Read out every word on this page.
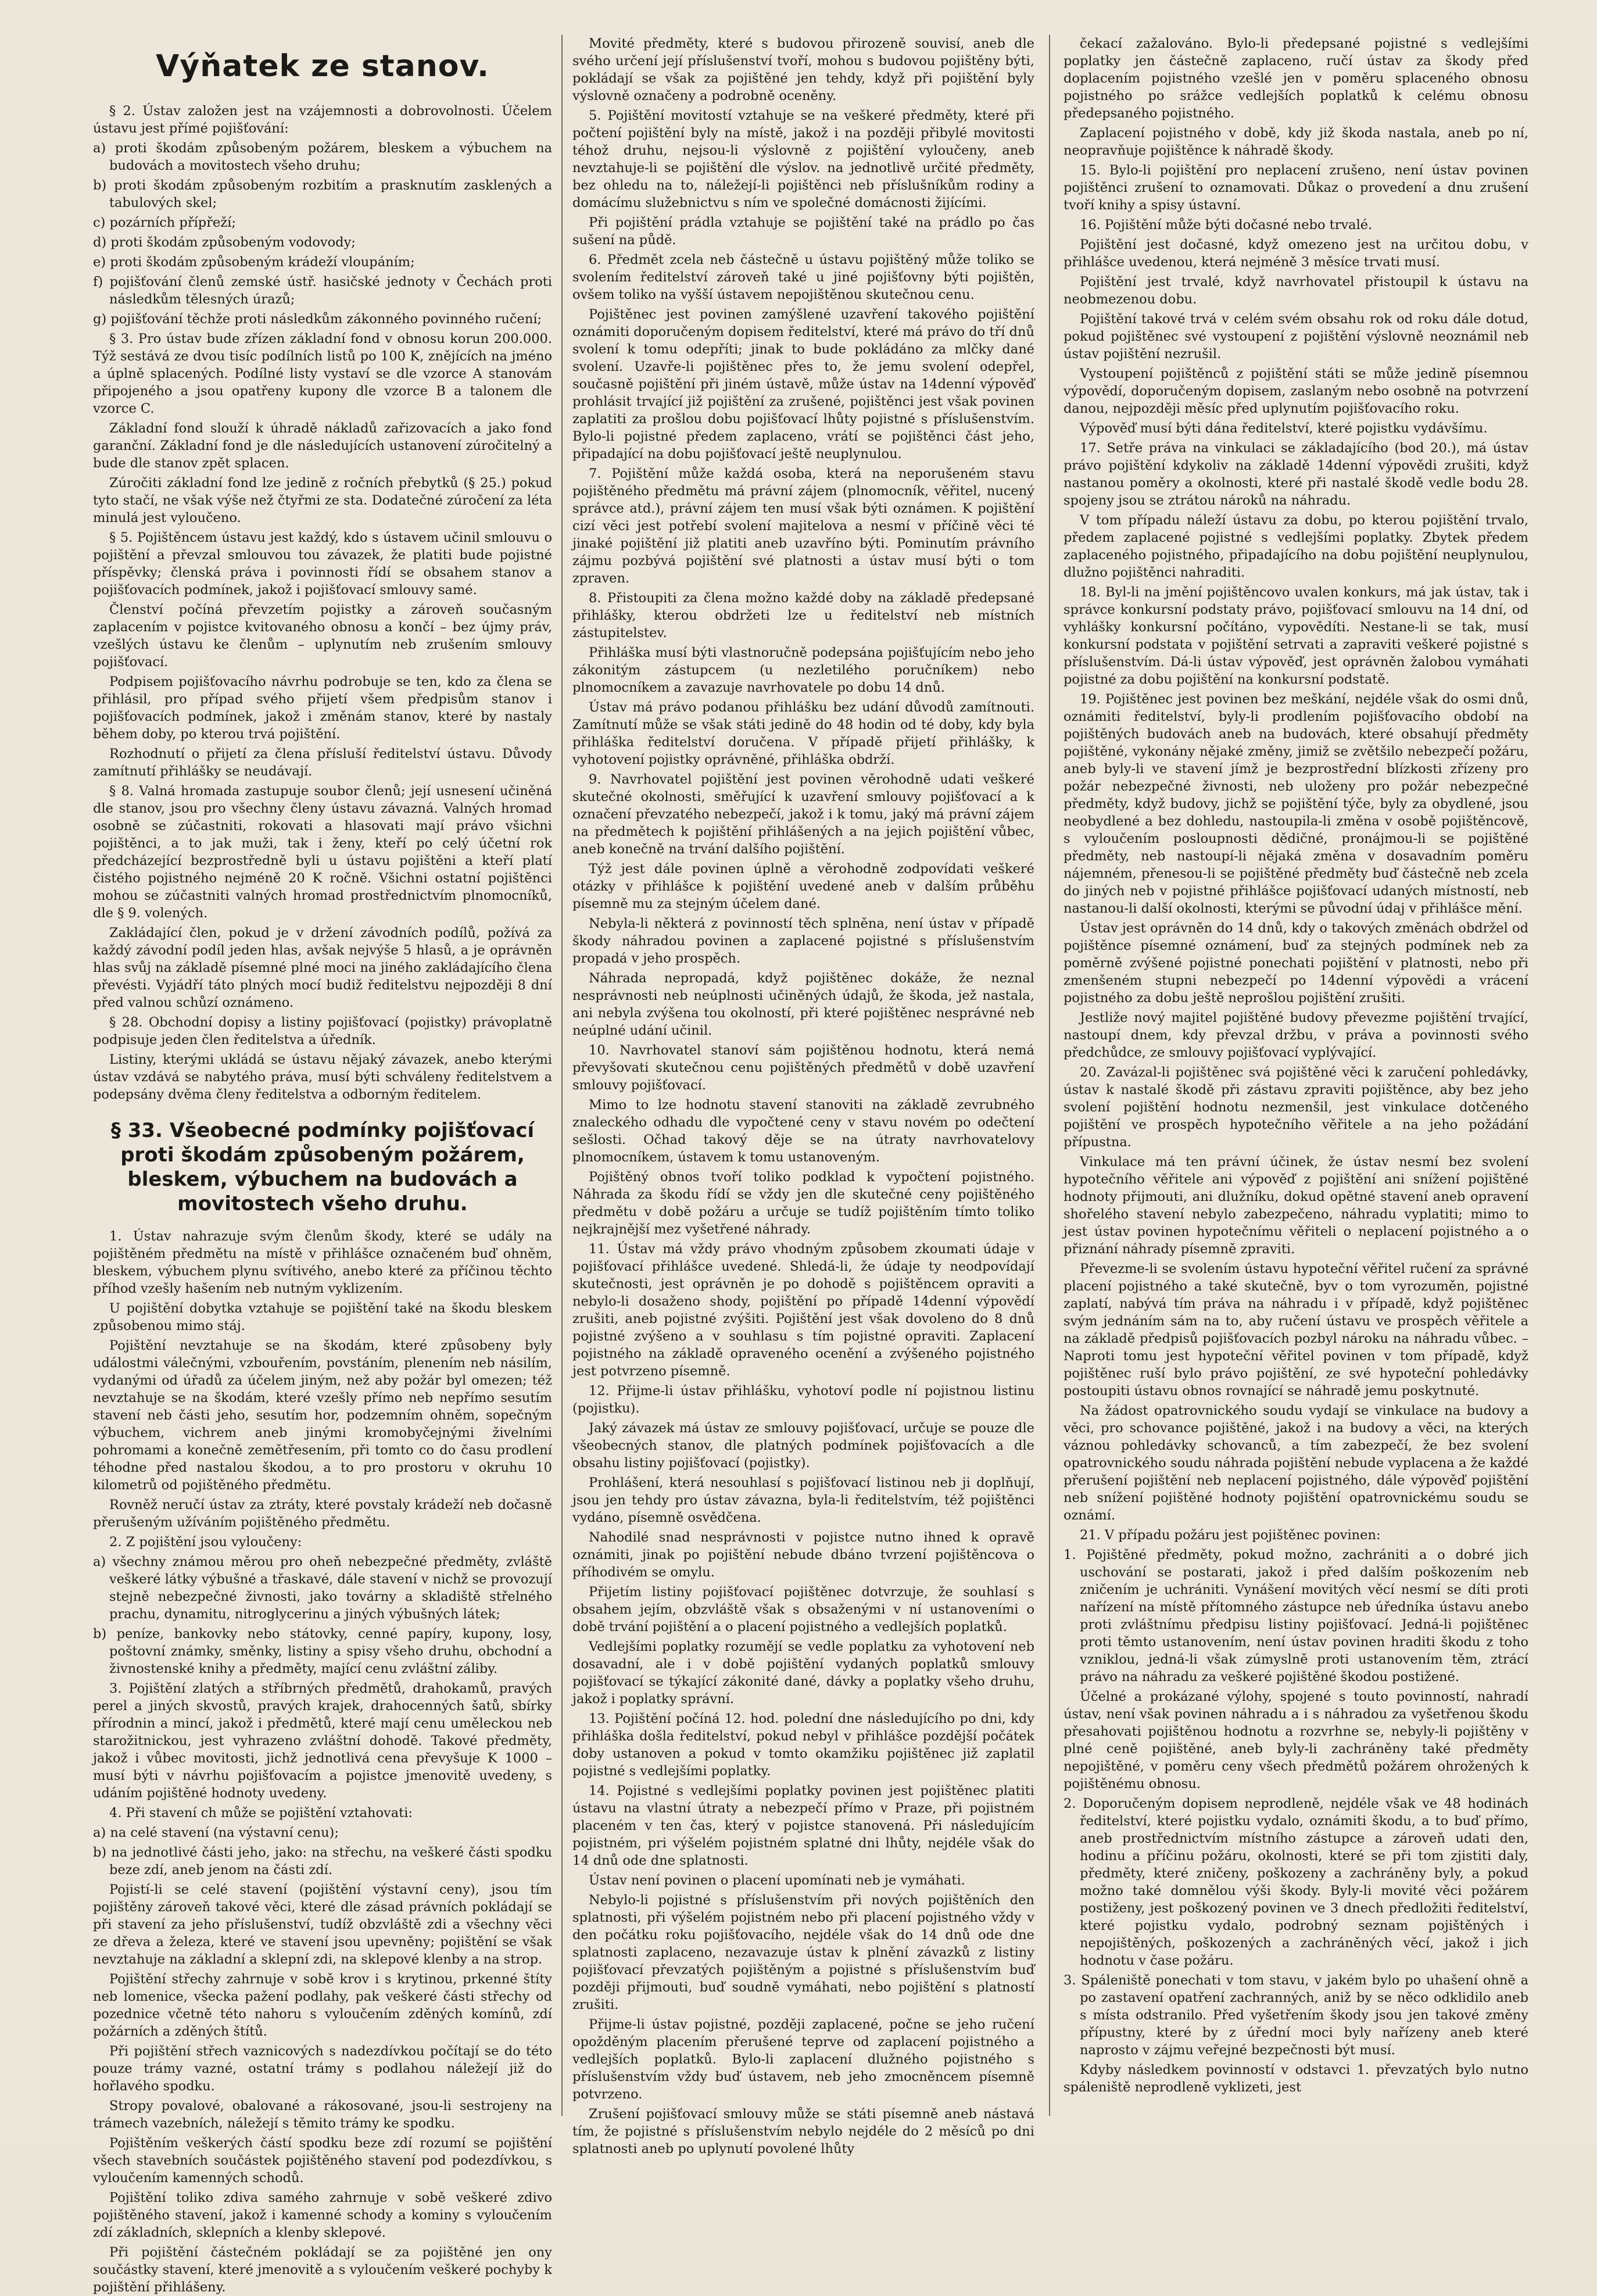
Výňatek ze stanov.

§ 2. Ústav založen jest na vzájemnosti a dobrovolnosti. Účelem ústavu jest přímé pojišťování:

a) proti škodám způsobeným požárem, bleskem a výbuchem na budovách a movitostech všeho druhu;

b) proti škodám způsobeným rozbitím a prasknutím zasklených a tabulových skel;

c) pozárních přípřeží;

d) proti škodám způsobeným vodovody;

e) proti škodám způsobeným krádeží vloupáním;

f) pojišťování členů zemské ústř. hasičské jednoty v Čechách proti následkům tělesných úrazů;

g) pojišťování těchže proti následkům zákonného povinného ručení;

§ 3. Pro ústav bude zřízen základní fond v obnosu korun 200.000. Týž sestává ze dvou tisíc podílních listů po 100 K, znějících na jméno a úplně splacených. Podílné listy vystaví se dle vzorce A stanovám připojeného a jsou opatřeny kupony dle vzorce B a talonem dle vzorce C.

Základní fond slouží k úhradě nákladů zařizovacích a jako fond garanční. Základní fond je dle následujících ustanovení zúročitelný a bude dle stanov zpět splacen.

Zúročiti základní fond lze jedině z ročních přebytků (§ 25.) pokud tyto stačí, ne však výše než čtyřmi ze sta. Dodatečné zúročení za léta minulá jest vyloučeno.

§ 5. Pojištěncem ústavu jest každý, kdo s ústavem učinil smlouvu o pojištění a převzal smlouvou tou závazek, že platiti bude pojistné příspěvky; členská práva i povinnosti řídí se obsahem stanov a pojišťovacích podmínek, jakož i pojišťovací smlouvy samé.

Členství počíná převzetím pojistky a zároveň současným zaplacením v pojistce kvitovaného obnosu a končí – bez újmy práv, vzešlých ústavu ke členům – uplynutím neb zrušením smlouvy pojišťovací.

Podpisem pojišťovacího návrhu podrobuje se ten, kdo za člena se přihlásil, pro případ svého přijetí všem předpisům stanov i pojišťovacích podmínek, jakož i změnám stanov, které by nastaly během doby, po kterou trvá pojištění.

Rozhodnutí o přijetí za člena přísluší ředitelství ústavu. Důvody zamítnutí přihlášky se neudávají.

§ 8. Valná hromada zastupuje soubor členů; její usnesení učiněná dle stanov, jsou pro všechny členy ústavu závazná. Valných hromad osobně se zúčastniti, rokovati a hlasovati mají právo všichni pojištěnci, a to jak muži, tak i ženy, kteří po celý účetní rok předcházející bezprostředně byli u ústavu pojištěni a kteří platí čistého pojistného nejméně 20 K ročně. Všichni ostatní pojištěnci mohou se zúčastniti valných hromad prostřednictvím plnomocníků, dle § 9. volených.

Zakládající člen, pokud je v držení závodních podílů, požívá za každý závodní podíl jeden hlas, avšak nejvýše 5 hlasů, a je oprávněn hlas svůj na základě písemné plné moci na jiného zakládajícího člena převésti. Vyjádří táto plných mocí budiž ředitelstvu nejpozději 8 dní před valnou schůzí oznámeno.

§ 28. Obchodní dopisy a listiny pojišťovací (pojistky) právoplatně podpisuje jeden člen ředitelstva a úředník.

Listiny, kterými ukládá se ústavu nějaký závazek, anebo kterými ústav vzdává se nabytého práva, musí býti schváleny ředitelstvem a podepsány dvěma členy ředitelstva a odborným ředitelem.

§ 33. Všeobecné podmínky pojišťovací proti škodám způsobeným požárem, bleskem, výbuchem na budovách a movitostech všeho druhu.

1. Ústav nahrazuje svým členům škody, které se udály na pojištěném předmětu na místě v přihlášce označeném buď ohněm, bleskem, výbuchem plynu svítivého, anebo které za příčinou těchto příhod vzešly hašením neb nutným vyklizením.

U pojištění dobytka vztahuje se pojištění také na škodu bleskem způsobenou mimo stáj.

Pojištění nevztahuje se na škodám, které způsobeny byly událostmi válečnými, vzbouřením, povstáním, plenením neb násilím, vydanými od úřadů za účelem jiným, než aby požár byl omezen; též nevztahuje se na škodám, které vzešly přímo neb nepřímo sesutím stavení neb části jeho, sesutím hor, podzemním ohněm, sopečným výbuchem, vichrem aneb jinými kromobyčejnými živelními pohromami a konečně zemětřesením, při tomto co do času prodlení téhodne před nastalou škodou, a to pro prostoru v okruhu 10 kilometrů od pojištěného předmětu.

Rovněž neručí ústav za ztráty, které povstaly krádeží neb dočasně přerušeným užíváním pojištěného předmětu.

2. Z pojištění jsou vyloučeny:

a) všechny známou měrou pro oheň nebezpečné předměty, zvláště veškeré látky výbušné a třaskavé, dále stavení v nichž se provozují stejně nebezpečné živnosti, jako továrny a skladiště střelného prachu, dynamitu, nitroglycerinu a jiných výbušných látek;

b) peníze, bankovky nebo státovky, cenné papíry, kupony, losy, poštovní známky, směnky, listiny a spisy všeho druhu, obchodní a živnostenské knihy a předměty, mající cenu zvláštní záliby.

3. Pojištění zlatých a stříbrných předmětů, drahokamů, pravých perel a jiných skvostů, pravých krajek, drahocenných šatů, sbírky přírodnin a mincí, jakož i předmětů, které mají cenu uměleckou neb starožitnickou, jest vyhrazeno zvláštní dohodě. Takové předměty, jakož i vůbec movitosti, jichž jednotlivá cena převyšuje K 1000 – musí býti v návrhu pojišťovacím a pojistce jmenovitě uvedeny, s udáním pojištěné hodnoty uvedeny.

4. Při stavení ch může se pojištění vztahovati:

a) na celé stavení (na výstavní cenu);

b) na jednotlivé části jeho, jako: na střechu, na veškeré části spodku beze zdí, aneb jenom na části zdí.

Pojistí-li se celé stavení (pojištění výstavní ceny), jsou tím pojištěny zároveň takové věci, které dle zásad právních pokládají se při stavení za jeho příslušenství, tudíž obzvláště zdi a všechny věci ze dřeva a železa, které ve stavení jsou upevněny; pojištění se však nevztahuje na základní a sklepní zdi, na sklepové klenby a na strop.

Pojištění střechy zahrnuje v sobě krov i s krytinou, prkenné štíty neb lomenice, všecka pažení podlahy, pak veškeré části střechy od pozednice včetně této nahoru s vyloučením zděných komínů, zdí požárních a zděných štítů.

Při pojištění střech vaznicových s nadezdívkou počítají se do této pouze trámy vazné, ostatní trámy s podlahou náležejí již do hořlavého spodku.

Stropy povalové, obalované a rákosované, jsou-li sestrojeny na trámech vazebních, náležejí s těmito trámy ke spodku.

Pojištěním veškerých částí spodku beze zdí rozumí se pojištění všech stavebních součástek pojištěného stavení pod podezdívkou, s vyloučením kamenných schodů.

Pojištění toliko zdiva samého zahrnuje v sobě veškeré zdivo pojištěného stavení, jakož i kamenné schody a kominy s vyloučením zdí základních, sklepních a klenby sklepové.

Při pojištění částečném pokládají se za pojištěné jen ony součástky stavení, které jmenovitě a s vyloučením veškeré pochyby k pojištění přihlášeny.

Movité předměty, které s budovou přirozeně souvisí, aneb dle svého určení její příslušenství tvoří, mohou s budovou pojištěny býti, pokládají se však za pojištěné jen tehdy, když při pojištění byly výslovně označeny a podrobně oceněny.

5. Pojištění movitostí vztahuje se na veškeré předměty, které při počtení pojištění byly na místě, jakož i na později přibylé movitosti téhož druhu, nejsou-li výslovně z pojištění vyloučeny, aneb nevztahuje-li se pojištění dle výslov. na jednotlivě určité předměty, bez ohledu na to, náležejí-li pojištěnci neb příslušníkům rodiny a domácímu služebnictvu s ním ve společné domácnosti žijícími.

Při pojištění prádla vztahuje se pojištění také na prádlo po čas sušení na půdě.

6. Předmět zcela neb částečně u ústavu pojištěný může toliko se svolením ředitelství zároveň také u jiné pojišťovny býti pojištěn, ovšem toliko na vyšší ústavem nepojištěnou skutečnou cenu.

Pojištěnec jest povinen zamýšlené uzavření takového pojištění oznámiti doporučeným dopisem ředitelství, které má právo do tří dnů svolení k tomu odepříti; jinak to bude pokládáno za mlčky dané svolení. Uzavře-li pojištěnec přes to, že jemu svolení odepřel, současně pojištění při jiném ústavě, může ústav na 14denní výpověď prohlásit trvající již pojištění za zrušené, pojištěnci jest však povinen zaplatiti za prošlou dobu pojišťovací lhůty pojistné s příslušenstvím. Bylo-li pojistné předem zaplaceno, vrátí se pojištěnci část jeho, připadající na dobu pojišťovací ještě neuplynulou.

7. Pojištění může každá osoba, která na neporušeném stavu pojištěného předmětu má právní zájem (plnomocník, věřitel, nucený správce atd.), právní zájem ten musí však býti oznámen. K pojištění cizí věci jest potřebí svolení majitelova a nesmí v příčině věci té jinaké pojištění již platiti aneb uzavříno býti. Pominutím právního zájmu pozbývá pojištění své platnosti a ústav musí býti o tom zpraven.

8. Přistoupiti za člena možno každé doby na základě předepsané přihlášky, kterou obdržeti lze u ředitelství neb místních zástupitelstev.

Přihláška musí býti vlastnoručně podepsána pojišťujícím nebo jeho zákonitým zástupcem (u nezletilého poručníkem) nebo plnomocníkem a zavazuje navrhovatele po dobu 14 dnů.

Ústav má právo podanou přihlášku bez udání důvodů zamítnouti. Zamítnutí může se však státi jedině do 48 hodin od té doby, kdy byla přihláška ředitelství doručena. V případě přijetí přihlášky, k vyhotovení pojistky oprávněné, přihláška obdrží.

9. Navrhovatel pojištění jest povinen věrohodně udati veškeré skutečné okolnosti, směřující k uzavření smlouvy pojišťovací a k označení převzatého nebezpečí, jakož i k tomu, jaký má právní zájem na předmětech k pojištění přihlášených a na jejich pojištění vůbec, aneb konečně na trvání dalšího pojištění.

Týž jest dále povinen úplně a věrohodně zodpovídati veškeré otázky v přihlášce k pojištění uvedené aneb v dalším průběhu písemně mu za stejným účelem dané.

Nebyla-li některá z povinností těch splněna, není ústav v případě škody náhradou povinen a zaplacené pojistné s příslušenstvím propadá v jeho prospěch.

Náhrada nepropadá, když pojištěnec dokáže, že neznal nesprávnosti neb neúplnosti učiněných údajů, že škoda, jež nastala, ani nebyla zvýšena tou okolností, při které pojištěnec nesprávné neb neúplné udání učinil.

10. Navrhovatel stanoví sám pojištěnou hodnotu, která nemá převyšovati skutečnou cenu pojištěných předmětů v době uzavření smlouvy pojišťovací.

Mimo to lze hodnotu stavení stanoviti na základě zevrubného znaleckého odhadu dle vypočtené ceny v stavu novém po odečtení sešlosti. Očhad takový děje se na útraty navrhovatelovy plnomocníkem, ústavem k tomu ustanoveným.

Pojištěný obnos tvoří toliko podklad k vypočtení pojistného. Náhrada za škodu řídí se vždy jen dle skutečné ceny pojištěného předmětu v době požáru a určuje se tudíž pojištěním tímto toliko nejkrajnější mez vyšetřené náhrady.

11. Ústav má vždy právo vhodným způsobem zkoumati údaje v pojišťovací přihlášce uvedené. Shledá-li, že údaje ty neodpovídají skutečnosti, jest oprávněn je po dohodě s pojištěncem opraviti a nebylo-li dosaženo shody, pojištění po případě 14denní výpovědí zrušiti, aneb pojistné zvýšiti. Pojištění jest však dovoleno do 8 dnů pojistné zvýšeno a v souhlasu s tím pojistné opraviti. Zaplacení pojistného na základě opraveného ocenění a zvýšeného pojistného jest potvrzeno písemně.

12. Přijme-li ústav přihlášku, vyhotoví podle ní pojistnou listinu (pojistku).

Jaký závazek má ústav ze smlouvy pojišťovací, určuje se pouze dle všeobecných stanov, dle platných podmínek pojišťovacích a dle obsahu listiny pojišťovací (pojistky).

Prohlášení, která nesouhlasí s pojišťovací listinou neb ji doplňují, jsou jen tehdy pro ústav závazna, byla-li ředitelstvím, též pojištěnci vydáno, písemně osvědčena.

Nahodilé snad nesprávnosti v pojistce nutno ihned k opravě oznámiti, jinak po pojištění nebude dbáno tvrzení pojištěncova o příhodivém se omylu.

Přijetím listiny pojišťovací pojištěnec dotvrzuje, že souhlasí s obsahem jejím, obzvláště však s obsaženými v ní ustanoveními o době trvání pojištění a o placení pojistného a vedlejších poplatků.

Vedlejšími poplatky rozumějí se vedle poplatku za vyhotovení neb dosavadní, ale i v době pojištění vydaných poplatků smlouvy pojišťovací se týkající zákonité dané, dávky a poplatky všeho druhu, jakož i poplatky správní.

13. Pojištění počíná 12. hod. polední dne následujícího po dni, kdy přihláška došla ředitelství, pokud nebyl v přihlášce pozdější počátek doby ustanoven a pokud v tomto okamžiku pojištěnec již zaplatil pojistné s vedlejšími poplatky.

14. Pojistné s vedlejšími poplatky povinen jest pojištěnec platiti ústavu na vlastní útraty a nebezpečí přímo v Praze, při pojistném placeném v ten čas, který v pojistce stanovená. Při následujícím pojistném, pri výšelém pojistném splatné dni lhůty, nejdéle však do 14 dnů ode dne splatnosti.

Ústav není povinen o placení upomínati neb je vymáhati.

Nebylo-li pojistné s příslušenstvím při nových pojištěních den splatnosti, při výšelém pojistném nebo při placení pojistného vždy v den počátku roku pojišťovacího, nejdéle však do 14 dnů ode dne splatnosti zaplaceno, nezavazuje ústav k plnění závazků z listiny pojišťovací převzatých pojištěným a pojistné s příslušenstvím buď později přijmouti, buď soudně vymáhati, nebo pojištění s platností zrušiti.

Přijme-li ústav pojistné, později zaplacené, počne se jeho ručení opožděným placením přerušené teprve od zaplacení pojistného a vedlejších poplatků. Bylo-li zaplacení dlužného pojistného s příslušenstvím vždy buď ústavem, neb jeho zmocněncem písemně potvrzeno.

Zrušení pojišťovací smlouvy může se státi písemně aneb nástavá tím, že pojistné s příslušenstvím nebylo nejdéle do 2 měsíců po dni splatnosti aneb po uplynutí povolené lhůty

čekací zažalováno. Bylo-li předepsané pojistné s vedlejšími poplatky jen částečně zaplaceno, ručí ústav za škody před doplacením pojistného vzešlé jen v poměru splaceného obnosu pojistného po srážce vedlejších poplatků k celému obnosu předepsaného pojistného.

Zaplacení pojistného v době, kdy již škoda nastala, aneb po ní, neopravňuje pojištěnce k náhradě škody.

15. Bylo-li pojištění pro neplacení zrušeno, není ústav povinen pojištěnci zrušení to oznamovati. Důkaz o provedení a dnu zrušení tvoří knihy a spisy ústavní.

16. Pojištění může býti dočasné nebo trvalé.

Pojištění jest dočasné, když omezeno jest na určitou dobu, v přihlášce uvedenou, která nejméně 3 měsíce trvati musí.

Pojištění jest trvalé, když navrhovatel přistoupil k ústavu na neobmezenou dobu.

Pojištění takové trvá v celém svém obsahu rok od roku dále dotud, pokud pojištěnec své vystoupení z pojištění výslovně neoznámil neb ústav pojištění nezrušil.

Vystoupení pojištěnců z pojištění státi se může jedině písemnou výpovědí, doporučeným dopisem, zaslaným nebo osobně na potvrzení danou, nejpozději měsíc před uplynutím pojišťovacího roku.

Výpověď musí býti dána ředitelství, které pojistku vydávšímu.

17. Setře práva na vinkulaci se základajícího (bod 20.), má ústav právo pojištění kdykoliv na základě 14denní výpovědi zrušiti, když nastanou poměry a okolnosti, které při nastalé škodě vedle bodu 28. spojeny jsou se ztrátou nároků na náhradu.

V tom případu náleží ústavu za dobu, po kterou pojištění trvalo, předem zaplacené pojistné s vedlejšími poplatky. Zbytek předem zaplaceného pojistného, připadajícího na dobu pojištění neuplynulou, dlužno pojištěnci nahraditi.

18. Byl-li na jmění pojištěncovo uvalen konkurs, má jak ústav, tak i správce konkursní podstaty právo, pojišťovací smlouvu na 14 dní, od vyhlášky konkursní počítáno, vypovědíti. Nestane-li se tak, musí konkursní podstata v pojištění setrvati a zapraviti veškeré pojistné s příslušenstvím. Dá-li ústav výpověď, jest oprávněn žalobou vymáhati pojistné za dobu pojištění na konkursní podstatě.

19. Pojištěnec jest povinen bez meškání, nejdéle však do osmi dnů, oznámiti ředitelství, byly-li prodlením pojišťovacího období na pojištěných budovách aneb na budovách, které obsahují předměty pojištěné, vykonány nějaké změny, jimiž se zvětšilo nebezpečí požáru, aneb byly-li ve stavení jímž je bezprostřední blízkosti zřízeny pro požár nebezpečné živnosti, neb uloženy pro požár nebezpečné předměty, když budovy, jichž se pojištění týče, byly za obydlené, jsou neobydlené a bez dohledu, nastoupila-li změna v osobě pojištěncově, s vyloučením posloupnosti dědičné, pronájmou-li se pojištěné předměty, neb nastoupí-li nějaká změna v dosavadním poměru nájemném, přenesou-li se pojištěné předměty buď částečně neb zcela do jiných neb v pojistné přihlášce pojišťovací udaných místností, neb nastanou-li další okolnosti, kterými se původní údaj v přihlášce mění.

Ústav jest oprávněn do 14 dnů, kdy o takových změnách obdržel od pojištěnce písemné oznámení, buď za stejných podmínek neb za poměrně zvýšené pojistné ponechati pojištění v platnosti, nebo při zmenšeném stupni nebezpečí po 14denní výpovědi a vrácení pojistného za dobu ještě neprošlou pojištění zrušiti.

Jestliže nový majitel pojištěné budovy převezme pojištění trvající, nastoupí dnem, kdy převzal držbu, v práva a povinnosti svého předchůdce, ze smlouvy pojišťovací vyplývající.

20. Zavázal-li pojištěnec svá pojištěné věci k zaručení pohledávky, ústav k nastalé škodě při zástavu zpraviti pojištěnce, aby bez jeho svolení pojištění hodnotu nezmenšil, jest vinkulace dotčeného pojištění ve prospěch hypotečního věřitele a na jeho požádání přípustna.

Vinkulace má ten právní účinek, že ústav nesmí bez svolení hypotečního věřitele ani výpověď z pojištění ani snížení pojištěné hodnoty přijmouti, ani dlužníku, dokud opětné stavení aneb opravení shořelého stavení nebylo zabezpečeno, náhradu vyplatiti; mimo to jest ústav povinen hypotečnímu věřiteli o neplacení pojistného a o přiznání náhrady písemně zpraviti.

Převezme-li se svolením ústavu hypoteční věřitel ručení za správné placení pojistného a také skutečně, byv o tom vyrozuměn, pojistné zaplatí, nabývá tím práva na náhradu i v případě, když pojištěnec svým jednáním sám na to, aby ručení ústavu ve prospěch věřitele a na základě předpisů pojišťovacích pozbyl nároku na náhradu vůbec. – Naproti tomu jest hypoteční věřitel povinen v tom případě, když pojištěnec ruší bylo právo pojištění, ze své hypoteční pohledávky postoupiti ústavu obnos rovnající se náhradě jemu poskytnuté.

Na žádost opatrovnického soudu vydají se vinkulace na budovy a věci, pro schovance pojištěné, jakož i na budovy a věci, na kterých váznou pohledávky schovanců, a tím zabezpečí, že bez svolení opatrovnického soudu náhrada pojištění nebude vyplacena a že každé přerušení pojištění neb neplacení pojistného, dále výpověď pojištění neb snížení pojištěné hodnoty pojištění opatrovnickému soudu se oznámí.

21. V případu požáru jest pojištěnec povinen:

1. Pojištěné předměty, pokud možno, zachrániti a o dobré jich uschování se postarati, jakož i před dalším poškozením neb zničením je uchrániti. Vynášení movitých věcí nesmí se díti proti nařízení na místě přítomného zástupce neb úředníka ústavu anebo proti zvláštnímu předpisu listiny pojišťovací. Jedná-li pojištěnec proti těmto ustanovením, není ústav povinen hraditi škodu z toho vzniklou, jedná-li však zúmyslně proti ustanovením těm, ztrácí právo na náhradu za veškeré pojištěné škodou postižené.

Účelné a prokázané výlohy, spojené s touto povinností, nahradí ústav, není však povinen náhradu a i s náhradou za vyšetřenou škodu přesahovati pojištěnou hodnotu a rozvrhne se, nebyly-li pojištěny v plné ceně pojištěné, aneb byly-li zachráněny také předměty nepojištěné, v poměru ceny všech předmětů požárem ohrožených k pojištěnému obnosu.

2. Doporučeným dopisem neprodleně, nejdéle však ve 48 hodinách ředitelství, které pojistku vydalo, oznámiti škodu, a to buď přímo, aneb prostřednictvím místního zástupce a zároveň udati den, hodinu a příčinu požáru, okolnosti, které se při tom zjistiti daly, předměty, které zničeny, poškozeny a zachráněny byly, a pokud možno také domnělou výši škody. Byly-li movité věci požárem postiženy, jest poškozený povinen ve 3 dnech předložiti ředitelství, které pojistku vydalo, podrobný seznam pojištěných i nepojištěných, poškozených a zachráněných věcí, jakož i jich hodnotu v čase požáru.

3. Spáleniště ponechati v tom stavu, v jakém bylo po uhašení ohně a po zastavení opatření zachranných, aniž by se něco odklidilo aneb s místa odstranilo. Před vyšetřením škody jsou jen takové změny přípustny, které by z úřední moci byly nařízeny aneb které naprosto v zájmu veřejné bezpečnosti být musí.

Kdyby následkem povinností v odstavci 1. převzatých bylo nutno spáleniště neprodleně vyklizeti, jest
